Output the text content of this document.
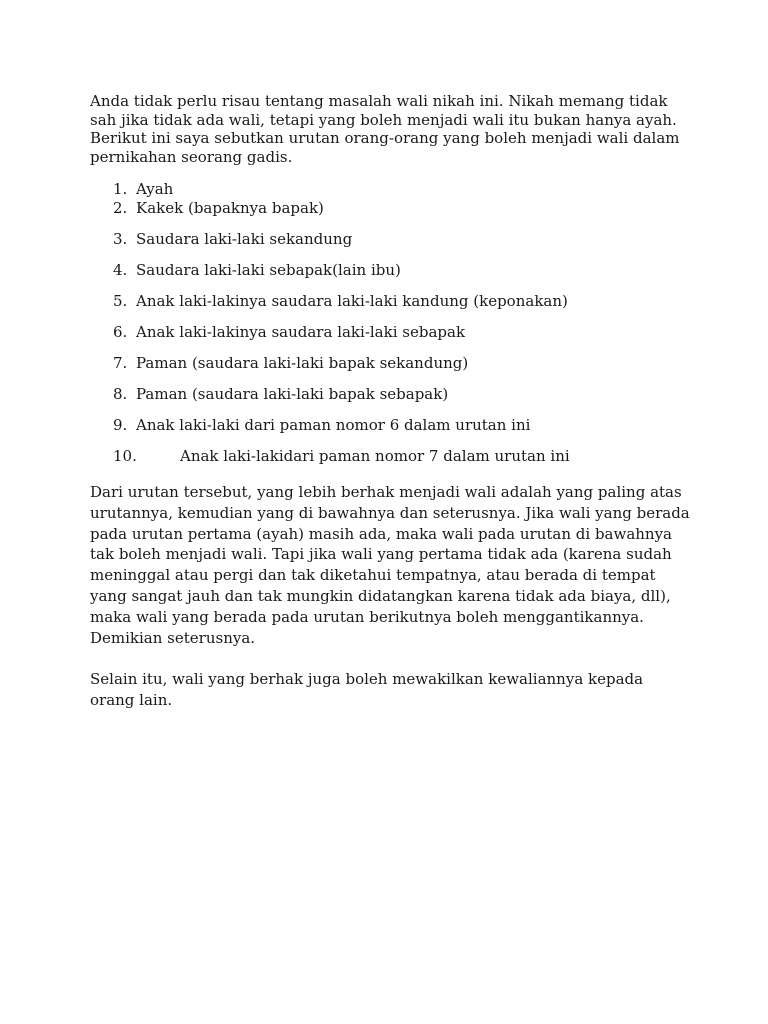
Anda tidak perlu risau tentang masalah wali nikah ini. Nikah memang tidak sah jika tidak ada wali, tetapi yang boleh menjadi wali itu bukan hanya ayah. Berikut ini saya sebutkan urutan orang-orang yang boleh menjadi wali dalam pernikahan seorang gadis.

1. Ayah
2. Kakek (bapaknya bapak)
3. Saudara laki-laki sekandung
4. Saudara laki-laki sebapak(lain ibu)
5. Anak laki-lakinya saudara laki-laki kandung (keponakan)
6. Anak laki-lakinya saudara laki-laki sebapak
7. Paman (saudara laki-laki bapak sekandung)
8. Paman (saudara laki-laki bapak sebapak)
9. Anak laki-laki dari paman nomor 6 dalam urutan ini
10.	Anak laki-lakidari paman nomor 7 dalam urutan ini

Dari urutan tersebut, yang lebih berhak menjadi wali adalah yang paling atas urutannya, kemudian yang di bawahnya dan seterusnya. Jika wali yang berada pada urutan pertama (ayah) masih ada, maka wali pada urutan di bawahnya tak boleh menjadi wali. Tapi jika wali yang pertama tidak ada (karena sudah meninggal atau pergi dan tak diketahui tempatnya, atau berada di tempat yang sangat jauh dan tak mungkin didatangkan karena tidak ada biaya, dll), maka wali yang berada pada urutan berikutnya boleh menggantikannya. Demikian seterusnya.

Selain itu, wali yang berhak juga boleh mewakilkan kewaliannya kepada orang lain.
